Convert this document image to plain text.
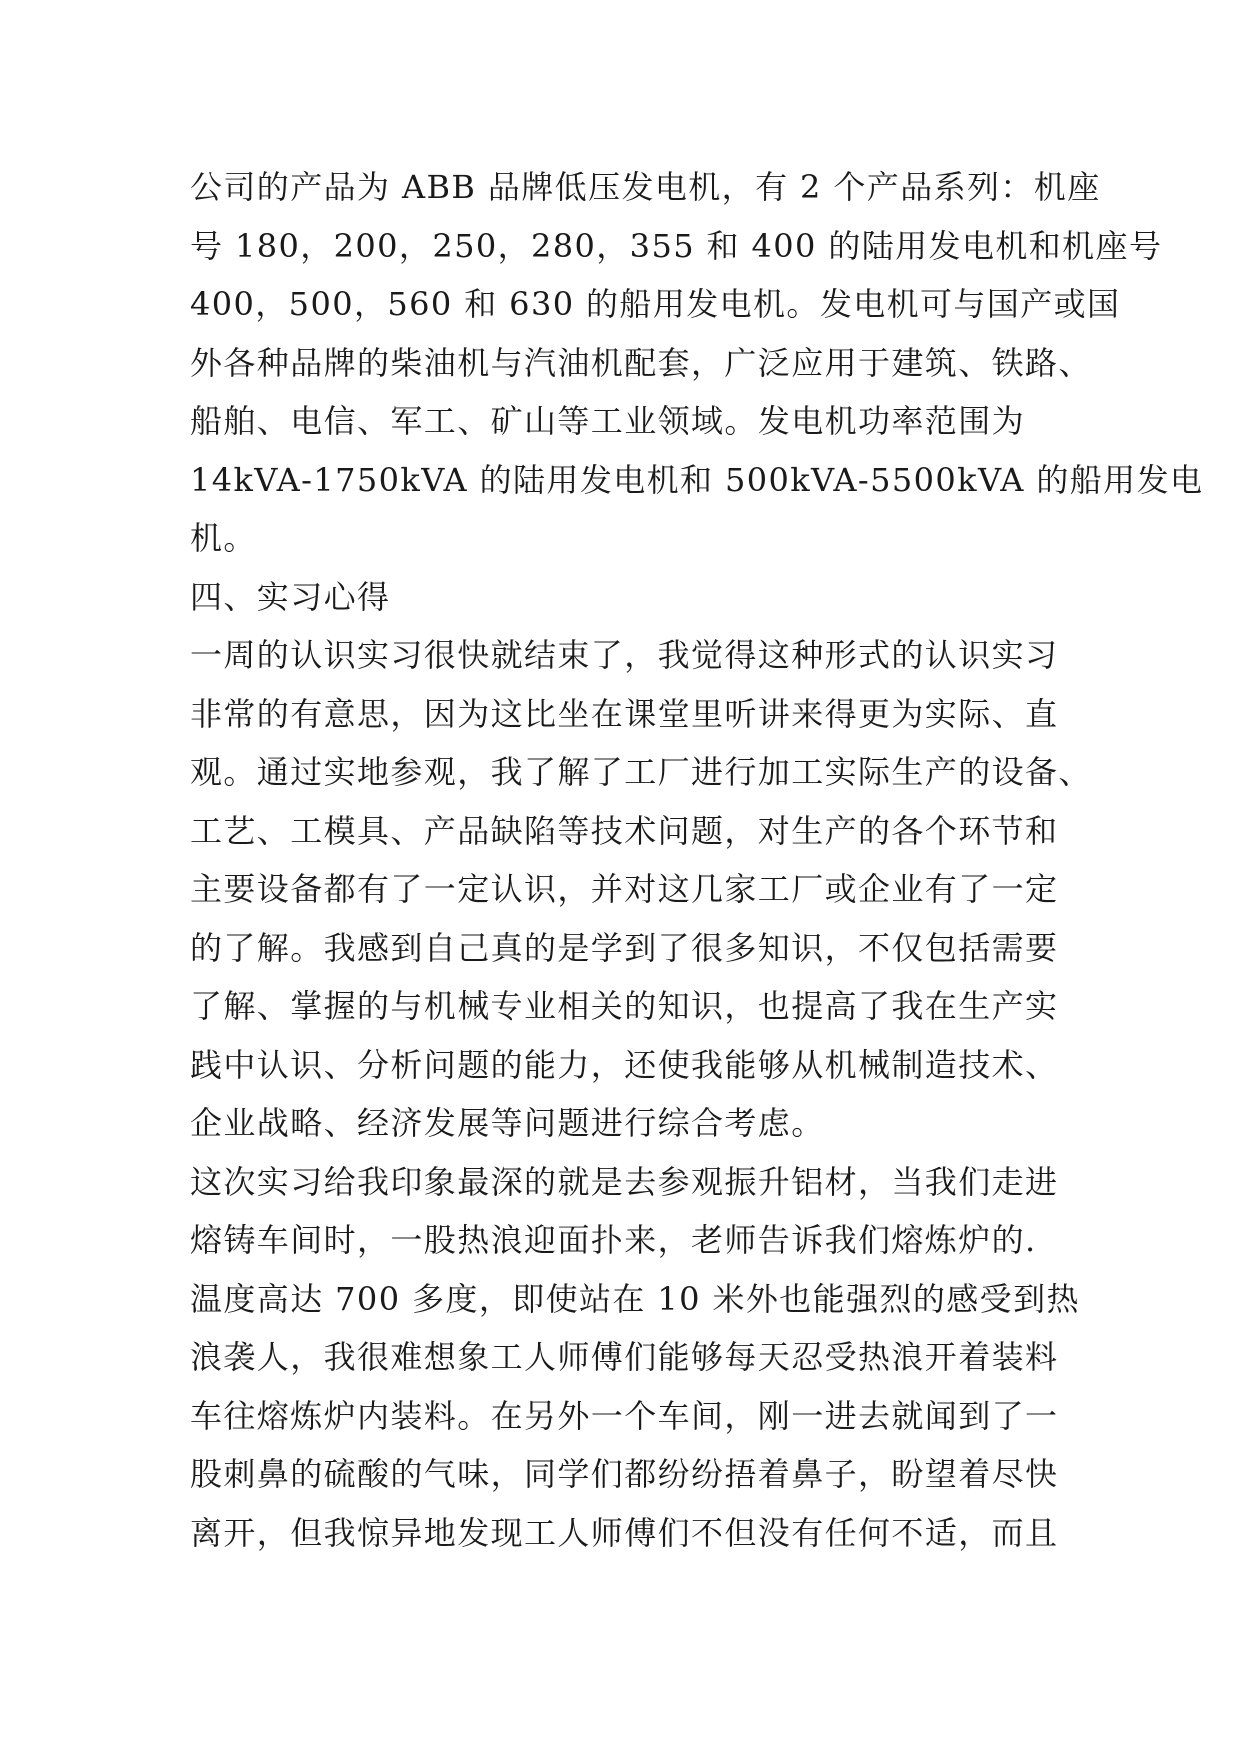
公司的产品为 ABB 品牌低压发电机，有 2 个产品系列：机座
号 180，200，250，280，355 和 400 的陆用发电机和机座号
400，500，560 和 630 的船用发电机。发电机可与国产或国
外各种品牌的柴油机与汽油机配套，广泛应用于建筑、铁路、
船舶、电信、军工、矿山等工业领域。发电机功率范围为
14kVA-1750kVA 的陆用发电机和 500kVA-5500kVA 的船用发电
机。
四、实习心得
一周的认识实习很快就结束了，我觉得这种形式的认识实习
非常的有意思，因为这比坐在课堂里听讲来得更为实际、直
观。通过实地参观，我了解了工厂进行加工实际生产的设备、
工艺、工模具、产品缺陷等技术问题，对生产的各个环节和
主要设备都有了一定认识，并对这几家工厂或企业有了一定
的了解。我感到自己真的是学到了很多知识，不仅包括需要
了解、掌握的与机械专业相关的知识，也提高了我在生产实
践中认识、分析问题的能力，还使我能够从机械制造技术、
企业战略、经济发展等问题进行综合考虑。
这次实习给我印象最深的就是去参观振升铝材，当我们走进
熔铸车间时，一股热浪迎面扑来，老师告诉我们熔炼炉的.
温度高达 700 多度，即使站在 10 米外也能强烈的感受到热
浪袭人，我很难想象工人师傅们能够每天忍受热浪开着装料
车往熔炼炉内装料。在另外一个车间，刚一进去就闻到了一
股刺鼻的硫酸的气味，同学们都纷纷捂着鼻子，盼望着尽快
离开，但我惊异地发现工人师傅们不但没有任何不适，而且
